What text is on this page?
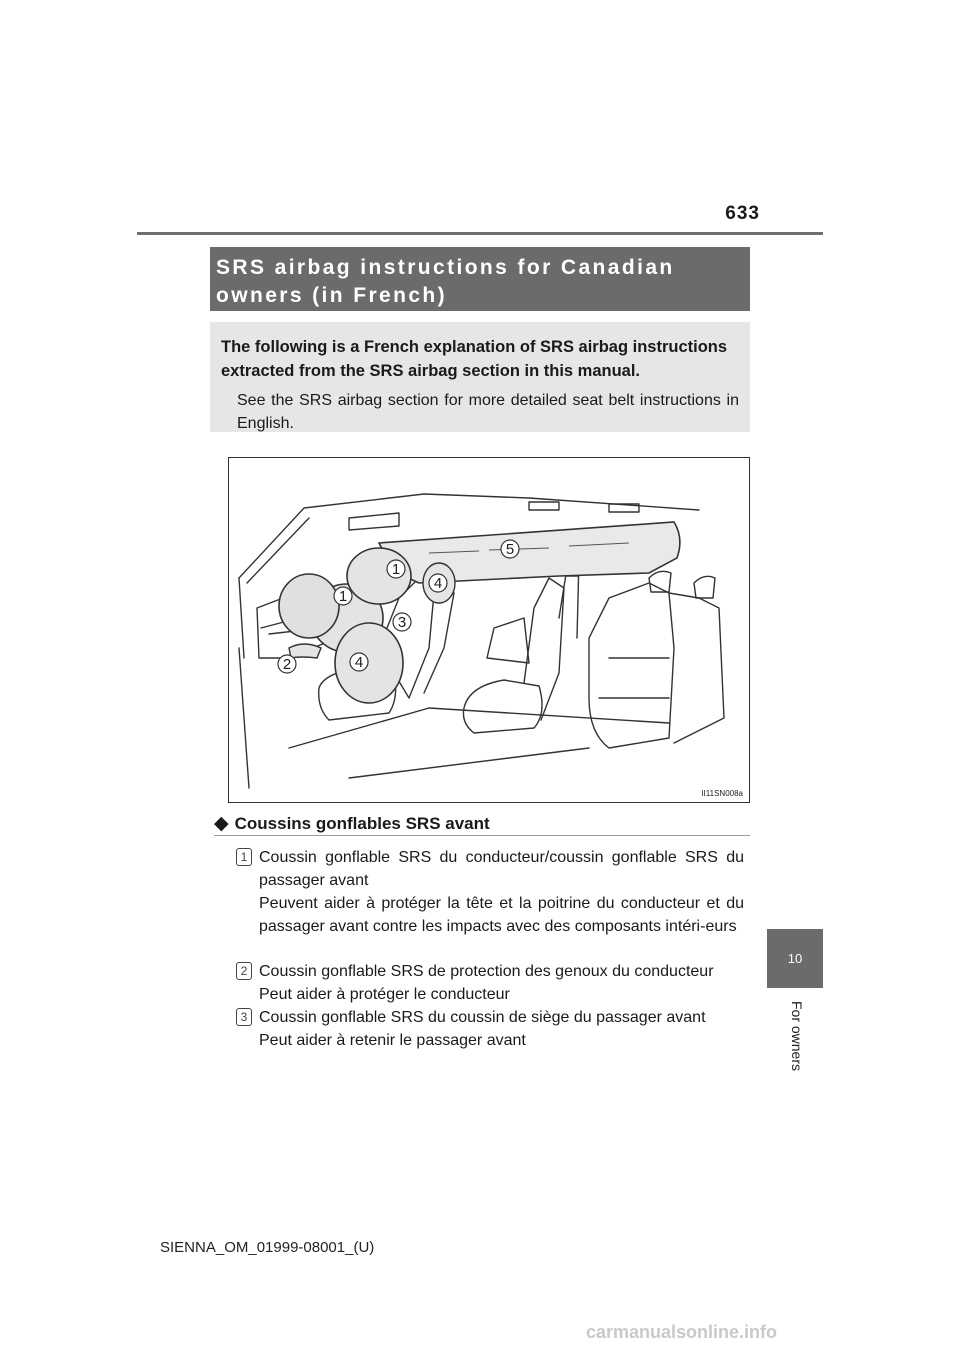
633
SRS airbag instructions for Canadian owners (in French)
The following is a French explanation of SRS airbag instructions extracted from the SRS airbag section in this manual.

See the SRS airbag section for more detailed seat belt instructions in English.

1
1
2
3
4
4
5
II11SN008a
◆ Coussins gonflables SRS avant
1 Coussin gonflable SRS du conducteur/coussin gonflable SRS du passager avant
Peuvent aider à protéger la tête et la poitrine du conducteur et du passager avant contre les impacts avec des composants intéri-eurs
2 Coussin gonflable SRS de protection des genoux du conducteur
Peut aider à protéger le conducteur
3 Coussin gonflable SRS du coussin de siège du passager avant
Peut aider à retenir le passager avant
10
For owners
SIENNA_OM_01999-08001_(U)
carmanualsonline.info
